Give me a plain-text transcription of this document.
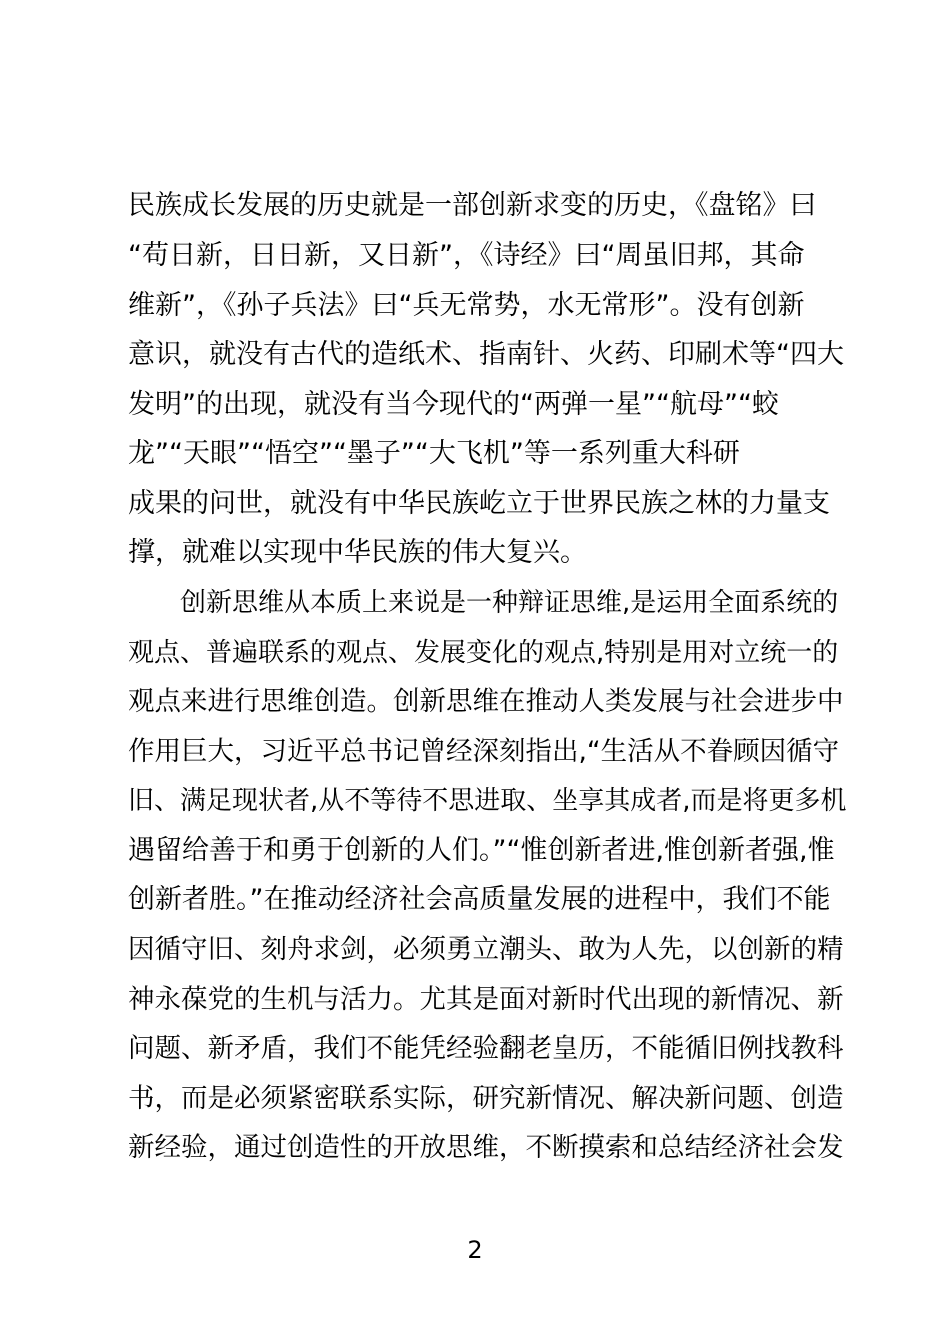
民族成长发展的历史就是一部创新求变的历史，《盘铭》曰
“苟日新，日日新，又日新”，《诗经》曰“周虽旧邦，其命
维新”，《孙子兵法》曰“兵无常势，水无常形”。没有创新
意识，就没有古代的造纸术、指南针、火药、印刷术等“四大
发明”的出现，就没有当今现代的“两弹一星”“航母”“蛟
龙”“天眼”“悟空”“墨子”“大飞机”等一系列重大科研
成果的问世，就没有中华民族屹立于世界民族之林的力量支
撑，就难以实现中华民族的伟大复兴。
　　创新思维从本质上来说是一种辩证思维,是运用全面系统的
观点、普遍联系的观点、发展变化的观点,特别是用对立统一的
观点来进行思维创造。创新思维在推动人类发展与社会进步中
作用巨大，习近平总书记曾经深刻指出,“生活从不眷顾因循守
旧、满足现状者,从不等待不思进取、坐享其成者,而是将更多机
遇留给善于和勇于创新的人们。”“惟创新者进,惟创新者强,惟
创新者胜。”在推动经济社会高质量发展的进程中，我们不能
因循守旧、刻舟求剑，必须勇立潮头、敢为人先，以创新的精
神永葆党的生机与活力。尤其是面对新时代出现的新情况、新
问题、新矛盾，我们不能凭经验翻老皇历，不能循旧例找教科
书，而是必须紧密联系实际，研究新情况、解决新问题、创造
新经验，通过创造性的开放思维，不断摸索和总结经济社会发
2
